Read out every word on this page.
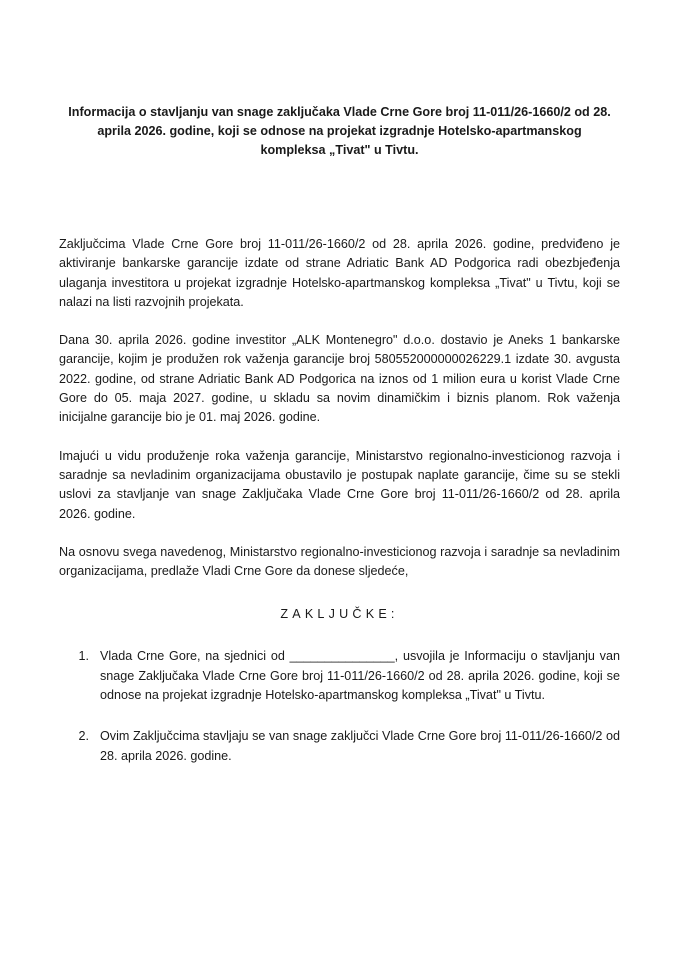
Informacija o stavljanju van snage zaključaka Vlade Crne Gore broj 11-011/26-1660/2 od 28. aprila 2026. godine, koji se odnose na projekat izgradnje Hotelsko-apartmanskog kompleksa „Tivat" u Tivtu.

Zaključcima Vlade Crne Gore broj 11-011/26-1660/2 od 28. aprila 2026. godine, predviđeno je aktiviranje bankarske garancije izdate od strane Adriatic Bank AD Podgorica radi obezbjeđenja ulaganja investitora u projekat izgradnje Hotelsko-apartmanskog kompleksa „Tivat" u Tivtu, koji se nalazi na listi razvojnih projekata.

Dana 30. aprila 2026. godine investitor „ALK Montenegro" d.o.o. dostavio je Aneks 1 bankarske garancije, kojim je produžen rok važenja garancije broj 580552000000026229.1 izdate 30. avgusta 2022. godine, od strane Adriatic Bank AD Podgorica na iznos od 1 milion eura u korist Vlade Crne Gore do 05. maja 2027. godine, u skladu sa novim dinamičkim i biznis planom. Rok važenja inicijalne garancije bio je 01. maj 2026. godine.

Imajući u vidu produženje roka važenja garancije, Ministarstvo regionalno-investicionog razvoja i saradnje sa nevladinim organizacijama obustavilo je postupak naplate garancije, čime su se stekli uslovi za stavljanje van snage Zaključaka Vlade Crne Gore broj 11-011/26-1660/2 od 28. aprila 2026. godine.

Na osnovu svega navedenog, Ministarstvo regionalno-investicionog razvoja i saradnje sa nevladinim organizacijama, predlaže Vladi Crne Gore da donese sljedeće,

ZAKLJUČKE:
1. Vlada Crne Gore, na sjednici od _______________, usvojila je Informaciju o stavljanju van snage Zaključaka Vlade Crne Gore broj 11-011/26-1660/2 od 28. aprila 2026. godine, koji se odnose na projekat izgradnje Hotelsko-apartmanskog kompleksa „Tivat" u Tivtu.
2. Ovim Zaključcima stavljaju se van snage zaključci Vlade Crne Gore broj 11-011/26-1660/2 od 28. aprila 2026. godine.
